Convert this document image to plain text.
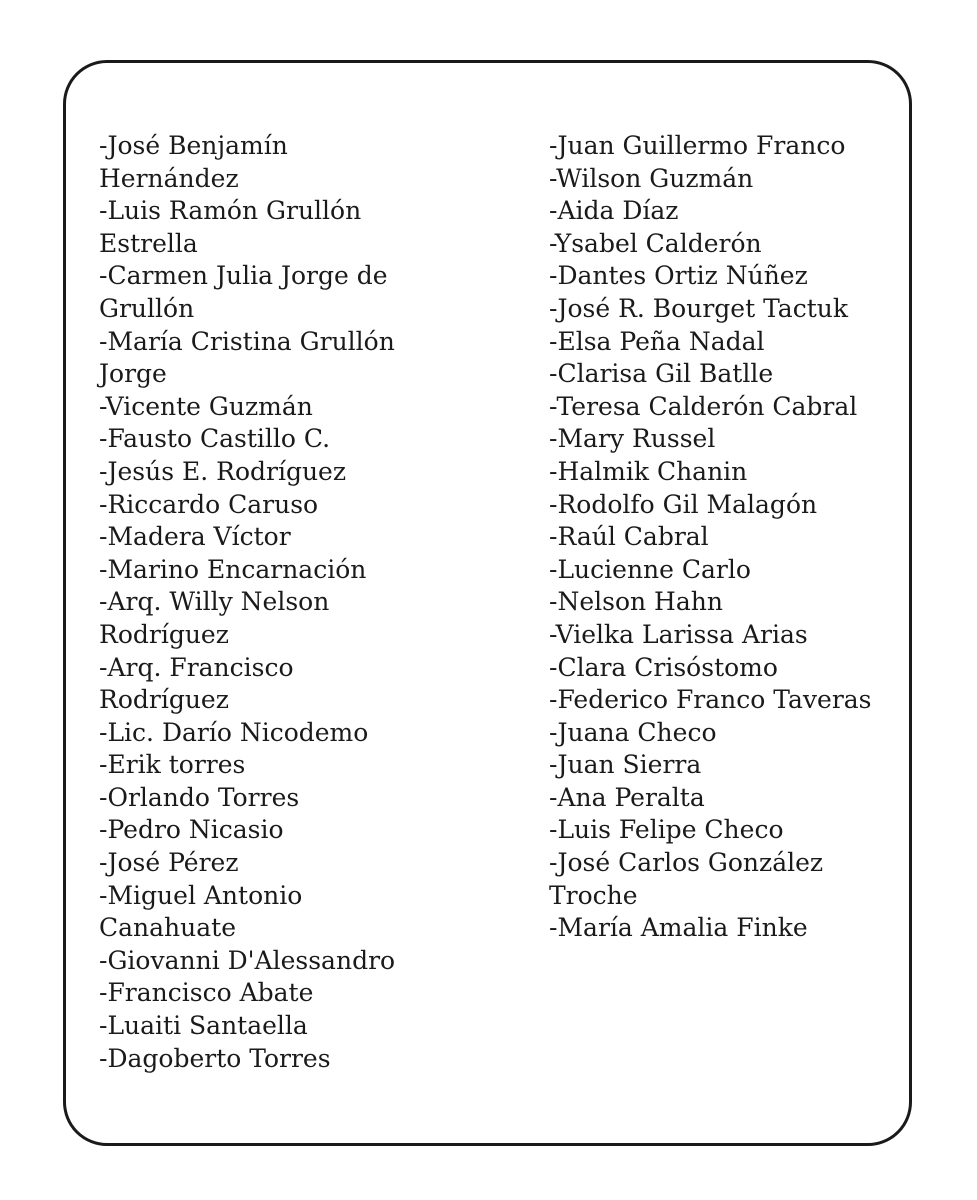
-José Benjamín Hernández
-Luis Ramón Grullón Estrella
-Carmen Julia Jorge de Grullón
-María Cristina Grullón Jorge
-Vicente Guzmán
-Fausto Castillo C.
-Jesús E. Rodríguez
-Riccardo Caruso
-Madera Víctor
-Marino Encarnación
-Arq. Willy Nelson Rodríguez
-Arq. Francisco Rodríguez
-Lic. Darío Nicodemo
-Erik torres
-Orlando Torres
-Pedro Nicasio
-José Pérez
-Miguel Antonio Canahuate
-Giovanni D'Alessandro
-Francisco Abate
-Luaiti Santaella
-Dagoberto Torres
-Juan Guillermo Franco
-Wilson Guzmán
-Aida Díaz
-Ysabel Calderón
-Dantes Ortiz Núñez
-José R. Bourget Tactuk
-Elsa Peña Nadal
-Clarisa Gil Batlle
-Teresa Calderón Cabral
-Mary Russel
-Halmik Chanin
-Rodolfo Gil Malagón
-Raúl Cabral
-Lucienne Carlo
-Nelson Hahn
-Vielka Larissa Arias
-Clara Crisóstomo
-Federico Franco Taveras
-Juana Checo
-Juan Sierra
-Ana Peralta
-Luis Felipe Checo
-José Carlos González Troche
-María Amalia Finke
